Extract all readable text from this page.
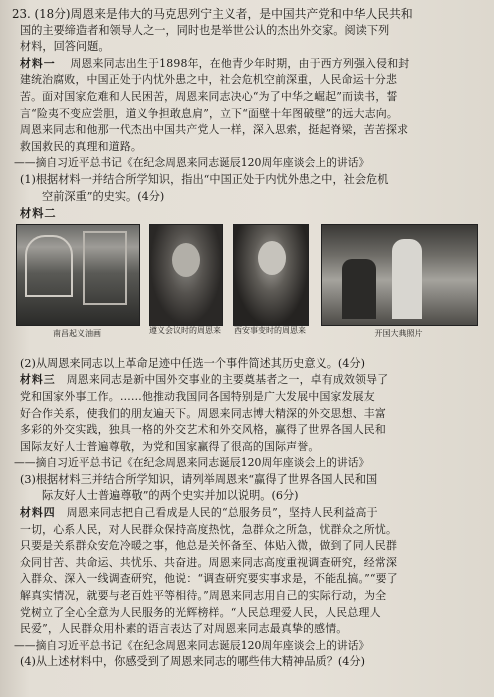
23. (18分)周恩来是伟大的马克思列宁主义者，是中国共产党和中华人民共和
国的主要缔造者和领导人之一，同时也是举世公认的杰出外交家。阅读下列
材料，回答问题。
材料一 周恩来同志出生于1898年，在他青少年时期，由于西方列强入侵和封
建统治腐败，中国正处于内忧外患之中，社会危机空前深重，人民命运十分悲
苦。面对国家危难和人民困苦，周恩来同志决心“为了中华之崛起”而读书，誓
言“险夷不变应尝胆，道义争担敢息肩”，立下“面壁十年图破壁”的远大志向。
周恩来同志和他那一代杰出中国共产党人一样，深入思索，挺起脊梁，苦苦探求
救国救民的真理和道路。
——摘自习近平总书记《在纪念周恩来同志诞辰120周年座谈会上的讲话》
(1)根据材料一并结合所学知识，指出“中国正处于内忧外患之中，社会危机
空前深重”的史实。(4分)
材料二
南昌起义油画	遵义会议时的周恩来 西安事变时的周恩来	开国大典照片
(2)从周恩来同志以上革命足迹中任选一个事件简述其历史意义。(4分)
材料三 周恩来同志是新中国外交事业的主要奠基者之一，卓有成效领导了
党和国家外事工作。……他推动我国同各国特别是广大发展中国家发展友
好合作关系，使我们的朋友遍天下。周恩来同志博大精深的外交思想、丰富
多彩的外交实践，独具一格的外交艺术和外交风格，赢得了世界各国人民和
国际友好人士普遍尊敬，为党和国家赢得了很高的国际声誉。
——摘自习近平总书记《在纪念周恩来同志诞辰120周年座谈会上的讲话》
(3)根据材料三并结合所学知识，请列举周恩来“赢得了世界各国人民和国
际友好人士普遍尊敬”的两个史实并加以说明。(6分)
材料四 周恩来同志把自己看成是人民的“总服务员”，坚持人民利益高于
一切，心系人民，对人民群众保持高度热忱，急群众之所急，忧群众之所忧。
只要是关系群众安危冷暖之事，他总是关怀备至、体贴入微，做到了同人民群
众同甘苦、共命运、共忧乐、共奋进。周恩来同志高度重视调查研究，经常深
入群众、深入一线调查研究，他说：“调查研究要实事求是，不能乱搞。”“要了
解真实情况，就要与老百姓平等相待。”周恩来同志用自己的实际行动，为全
党树立了全心全意为人民服务的光辉榜样。“人民总理爱人民，人民总理人
民爱”，人民群众用朴素的语言表达了对周恩来同志最真挚的感情。
——摘自习近平总书记《在纪念周恩来同志诞辰120周年座谈会上的讲话》
(4)从上述材料中，你感受到了周恩来同志的哪些伟大精神品质？(4分)
